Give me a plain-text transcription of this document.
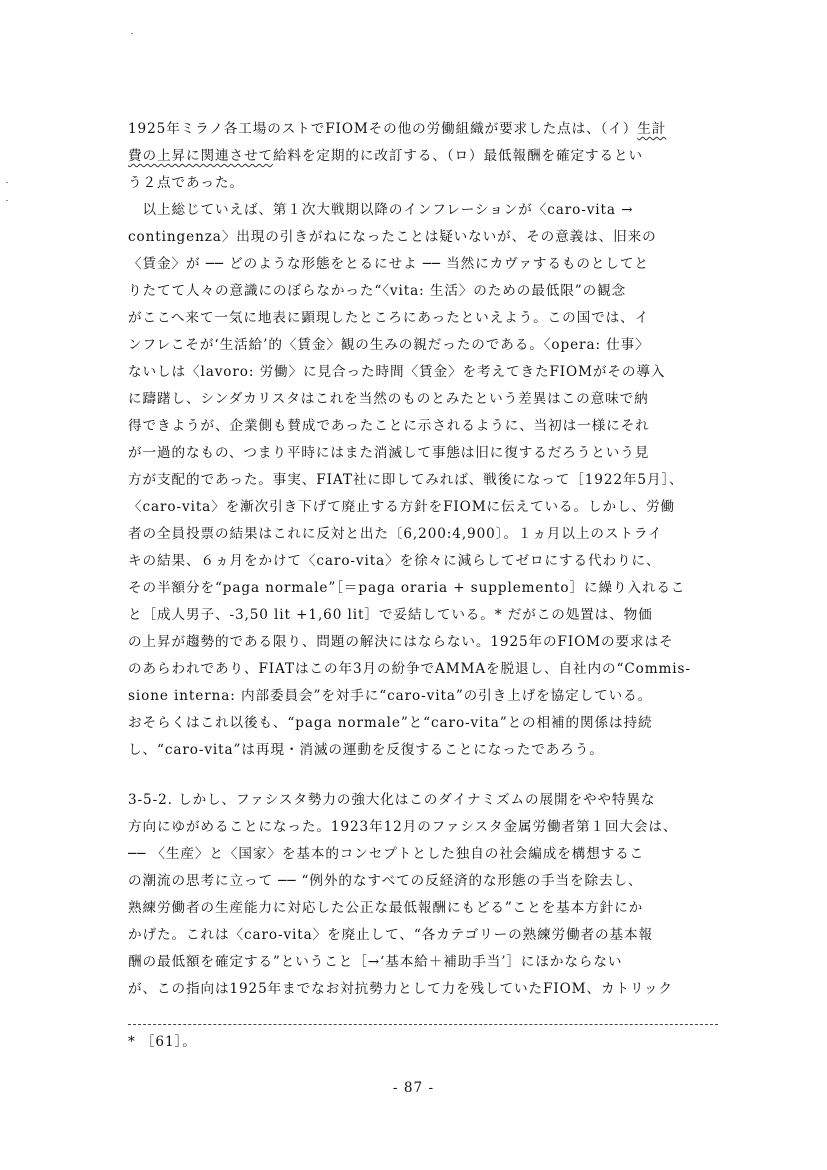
1925年ミラノ各工場のストでFIOMその他の労働組織が要求した点は、（イ）生計
費の上昇に関連させて給料を定期的に改訂する、（ロ）最低報酬を確定するとい
う２点であった。
　以上総じていえば、第１次大戦期以降のインフレーションが〈caro-vita →
contingenza〉出現の引きがねになったことは疑いないが、その意義は、旧来の
〈賃金〉が ── どのような形態をとるにせよ ── 当然にカヴァするものとしてと
りたてて人々の意識にのぼらなかった“〈vita: 生活〉のための最低限”の観念
がここへ来て一気に地表に顕現したところにあったといえよう。この国では、イ
ンフレこそが‘生活給’的〈賃金〉観の生みの親だったのである。〈opera: 仕事〉
ないしは〈lavoro: 労働〉に見合った時間〈賃金〉を考えてきたFIOMがその導入
に躊躇し、シンダカリスタはこれを当然のものとみたという差異はこの意味で納
得できようが、企業側も賛成であったことに示されるように、当初は一様にそれ
が一過的なもの、つまり平時にはまた消滅して事態は旧に復するだろうという見
方が支配的であった。事実、FIAT社に即してみれば、戦後になって［1922年5月］、
〈caro-vita〉を漸次引き下げて廃止する方針をFIOMに伝えている。しかし、労働
者の全員投票の結果はこれに反対と出た〔6,200:4,900〕。１ヵ月以上のストライ
キの結果、６ヵ月をかけて〈caro-vita〉を徐々に減らしてゼロにする代わりに、
その半額分を“paga normale”［＝paga oraria + supplemento］に繰り入れるこ
と［成人男子、-3,50 lit +1,60 lit］で妥結している。* だがこの処置は、物価
の上昇が趨勢的である限り、問題の解決にはならない。1925年のFIOMの要求はそ
のあらわれであり、FIATはこの年3月の紛争でAMMAを脱退し、自社内の“Commis-
sione interna: 内部委員会”を対手に“caro-vita”の引き上げを協定している。
おそらくはこれ以後も、“paga normale”と“caro-vita”との相補的関係は持続
し、“caro-vita”は再現・消滅の運動を反復することになったであろう。
3-5-2. しかし、ファシスタ勢力の強大化はこのダイナミズムの展開をやや特異な
方向にゆがめることになった。1923年12月のファシスタ金属労働者第１回大会は、
── 〈生産〉と〈国家〉を基本的コンセプトとした独自の社会編成を構想するこ
の潮流の思考に立って ── “例外的なすべての反経済的な形態の手当を除去し、
熟練労働者の生産能力に対応した公正な最低報酬にもどる”ことを基本方針にか
かげた。これは〈caro-vita〉を廃止して、“各カテゴリーの熟練労働者の基本報
酬の最低額を確定する”ということ［→‘基本給＋補助手当’］にほかならない
が、この指向は1925年までなお対抗勢力として力を残していたFIOM、カトリック
* ［61］。
- 87 -
